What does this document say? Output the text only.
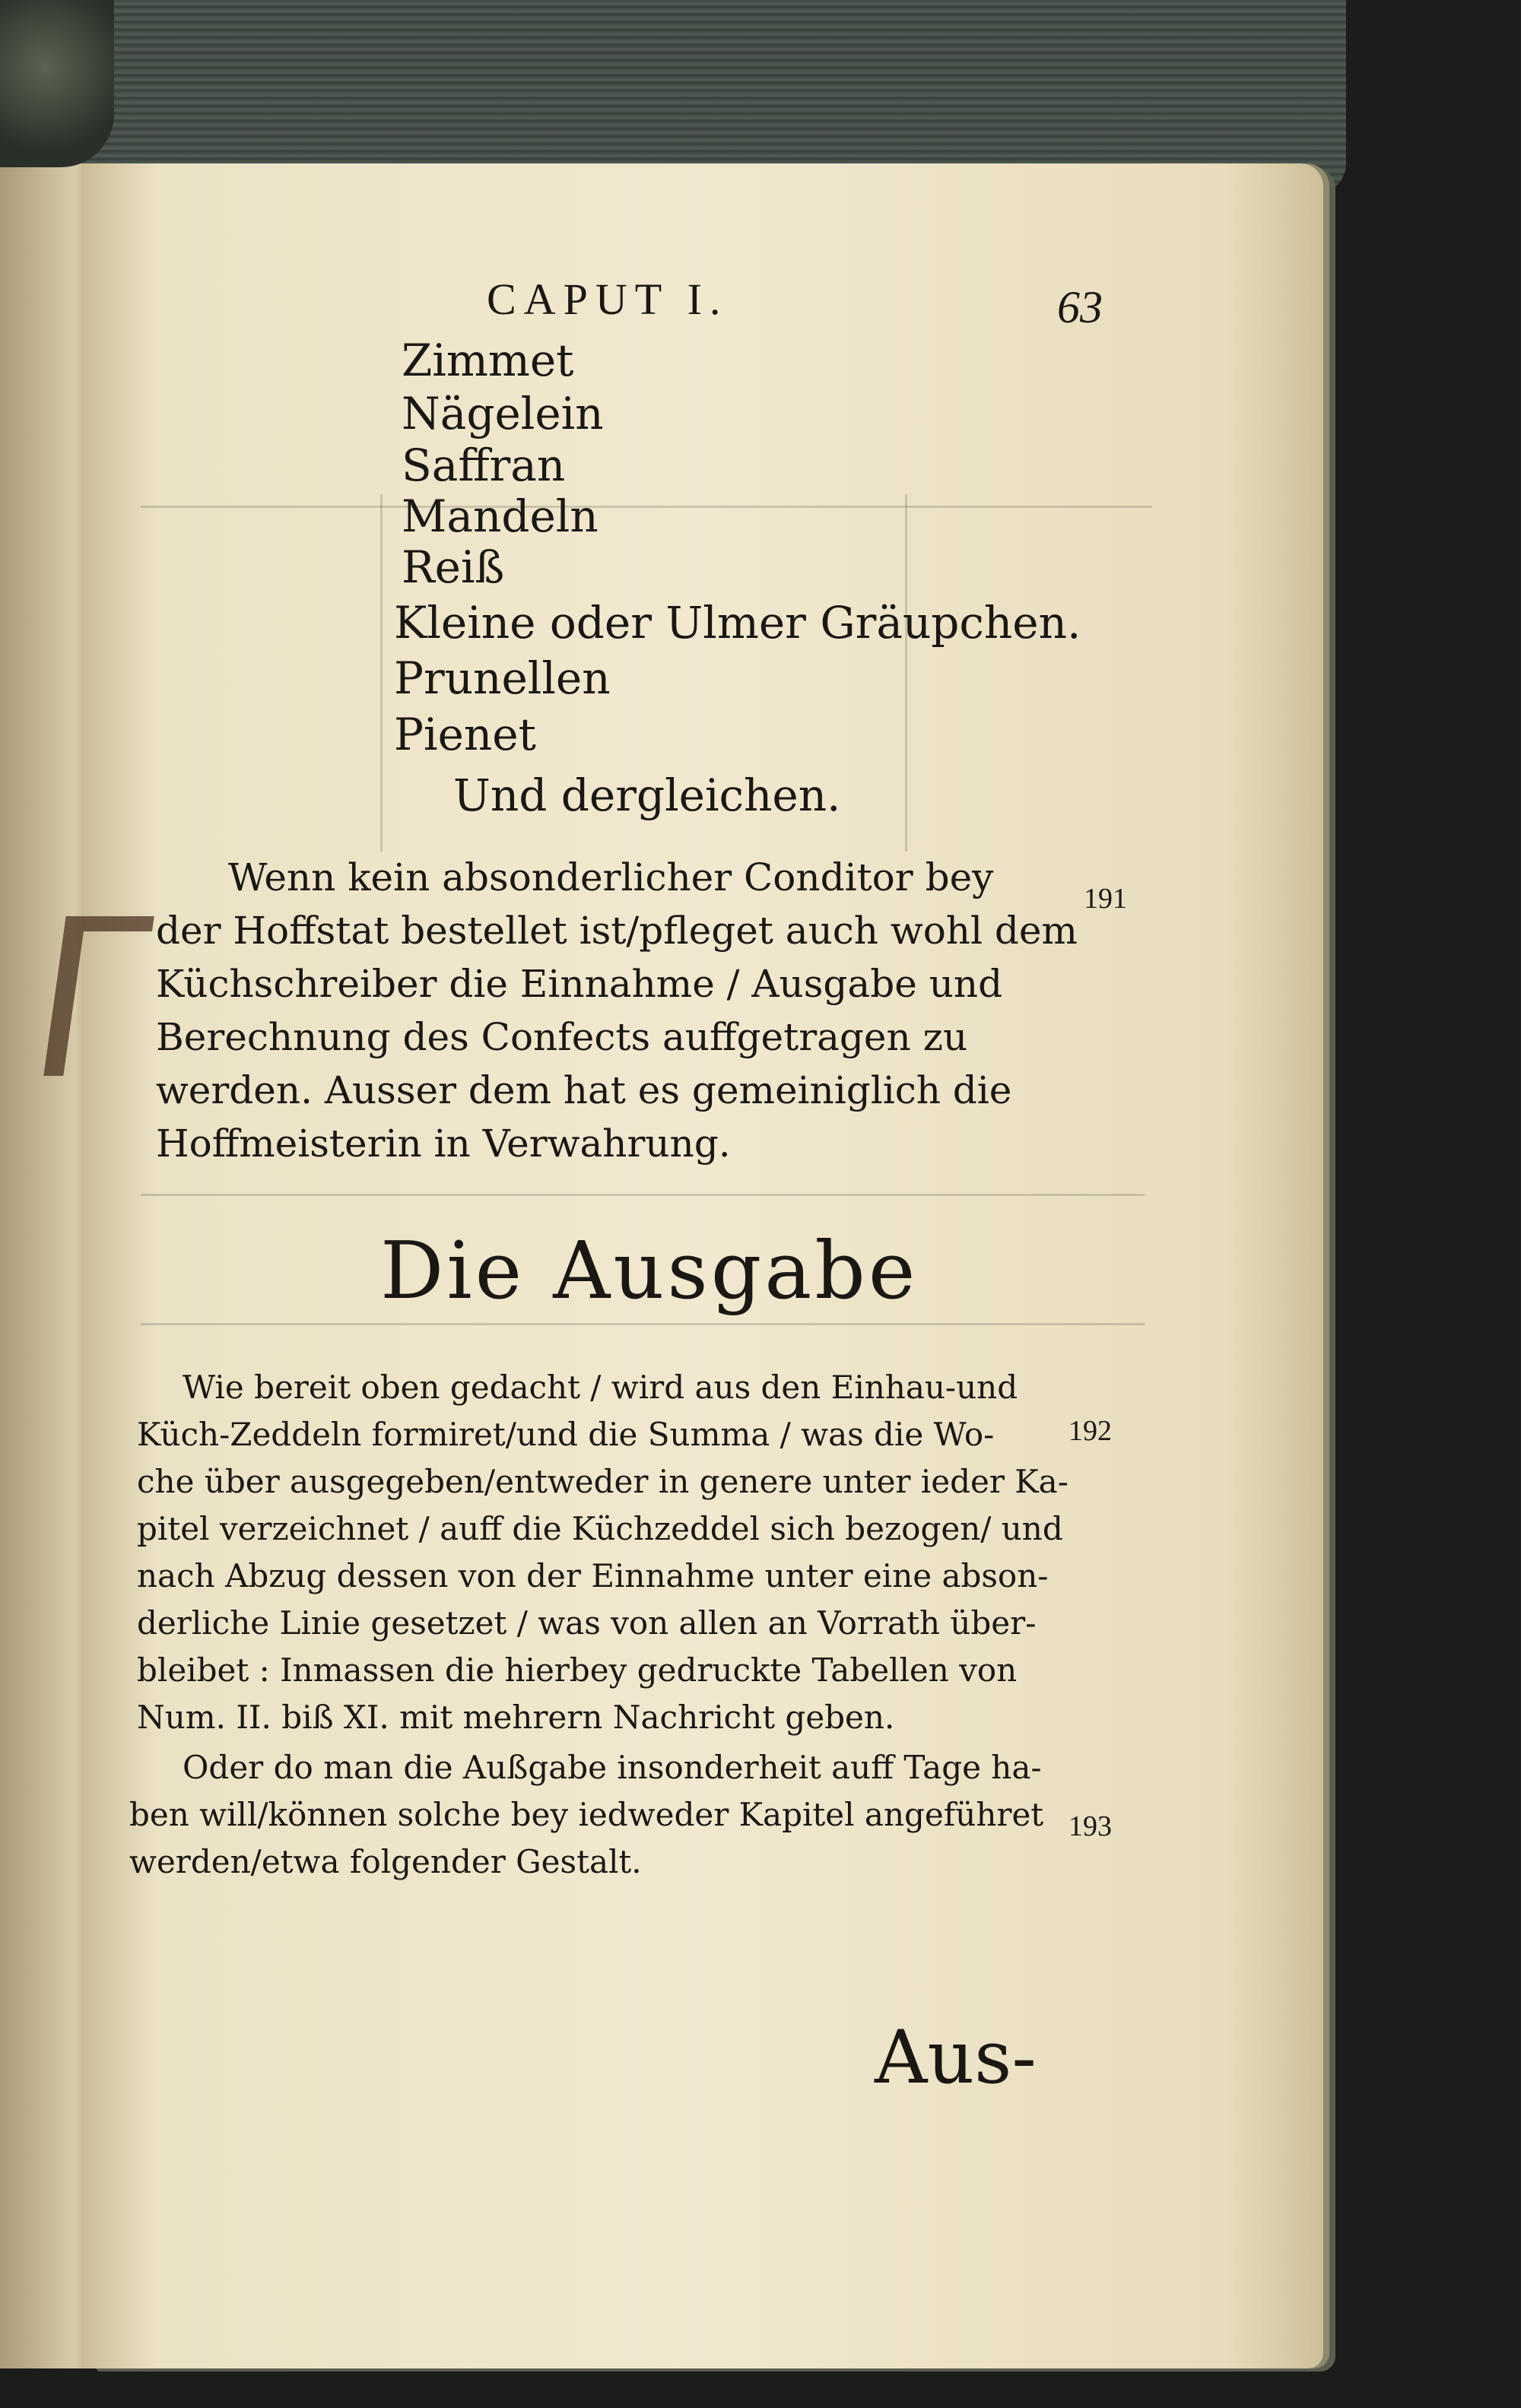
CAPUT I.	63
Zimmet
Nägelein
Saffran
Mandeln
Reiß
Kleine oder Ulmer Gräupchen.
Prunellen
Pienet
Und dergleichen.
Wenn kein absonderlicher Conditor bey
der Hoffstat bestellet ist/pfleget auch wohl dem
Küchschreiber die Einnahme / Ausgabe und
Berechnung des Confects auffgetragen zu
werden. Ausser dem hat es gemeiniglich die
Hoffmeisterin in Verwahrung.
191
Die Ausgabe
Wie bereit oben gedacht / wird aus den Einhau-und
Küch-Zeddeln formiret/und die Summa / was die Wo-
che über ausgegeben/entweder in genere unter ieder Ka-
pitel verzeichnet / auff die Küchzeddel sich bezogen/ und
nach Abzug dessen von der Einnahme unter eine abson-
derliche Linie gesetzet / was von allen an Vorrath über-
bleibet : Inmassen die hierbey gedruckte Tabellen von
Num. II. biß XI. mit mehrern Nachricht geben.
192
Oder do man die Außgabe insonderheit auff Tage ha-
ben will/können solche bey iedweder Kapitel angeführet
werden/etwa folgender Gestalt.
193
Aus-
